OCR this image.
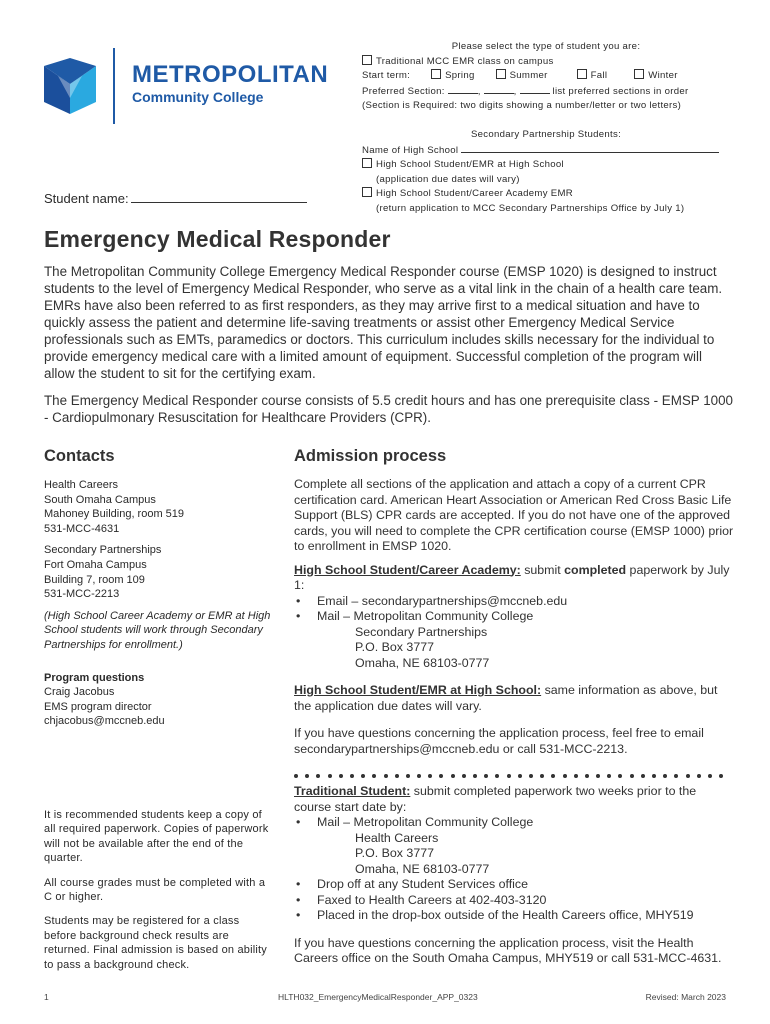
METROPOLITAN
Community College
Student name:
Please select the type of student you are:
Traditional MCC EMR class on campus
Start term:	Spring	Summer	Fall	Winter
Preferred Section:	,	,	list preferred sections in order
(Section is Required: two digits showing a number/letter or two letters)
Secondary Partnership Students:
Name of High School
High School Student/EMR at High School
(application due dates will vary)
High School Student/Career Academy EMR
(return application to MCC Secondary Partnerships Office by July 1)
Emergency Medical Responder

The Metropolitan Community College Emergency Medical Responder course (EMSP 1020) is designed to instruct students to the level of Emergency Medical Responder, who serve as a vital link in the chain of a health care team. EMRs have also been referred to as first responders, as they may arrive first to a medical situation and have to quickly assess the patient and determine life-saving treatments or assist other Emergency Medical Service professionals such as EMTs, paramedics or doctors. This curriculum includes skills necessary for the individual to provide emergency medical care with a limited amount of equipment. Successful completion of the program will allow the student to sit for the certifying exam.

The Emergency Medical Responder course consists of 5.5 credit hours and has one prerequisite class - EMSP 1000 - Cardiopulmonary Resuscitation for Healthcare Providers (CPR).

Contacts
Health Careers
South Omaha Campus
Mahoney Building, room 519
531-MCC-4631
Secondary Partnerships
Fort Omaha Campus
Building 7, room 109
531-MCC-2213
(High School Career Academy or EMR at High School students will work through Secondary Partnerships for enrollment.)
Program questions
Craig Jacobus
EMS program director
chjacobus@mccneb.edu
Admission process

Complete all sections of the application and attach a copy of a current CPR certification card. American Heart Association or American Red Cross Basic Life Support (BLS) CPR cards are accepted. If you do not have one of the approved cards, you will need to complete the CPR certification course (EMSP 1000) prior to enrollment in EMSP 1020.

High School Student/Career Academy: submit completed paperwork by July 1:
• Email – secondarypartnerships@mccneb.edu
• Mail – Metropolitan Community College
Secondary Partnerships
P.O. Box 3777
Omaha, NE 68103-0777

High School Student/EMR at High School: same information as above, but the application due dates will vary.

If you have questions concerning the application process, feel free to email secondarypartnerships@mccneb.edu or call 531-MCC-2213.

It is recommended students keep a copy of all required paperwork. Copies of paperwork will not be available after the end of the quarter.

All course grades must be completed with a C or higher.

Students may be registered for a class before background check results are returned. Final admission is based on ability to pass a background check.

Traditional Student: submit completed paperwork two weeks prior to the course start date by:
• Mail – Metropolitan Community College
Health Careers
P.O. Box 3777
Omaha, NE 68103-0777
• Drop off at any Student Services office
• Faxed to Health Careers at 402-403-3120
• Placed in the drop-box outside of the Health Careers office, MHY519

If you have questions concerning the application process, visit the Health Careers office on the South Omaha Campus, MHY519 or call 531-MCC-4631.

1	HLTH032_EmergencyMedicalResponder_APP_0323	Revised: March 2023
